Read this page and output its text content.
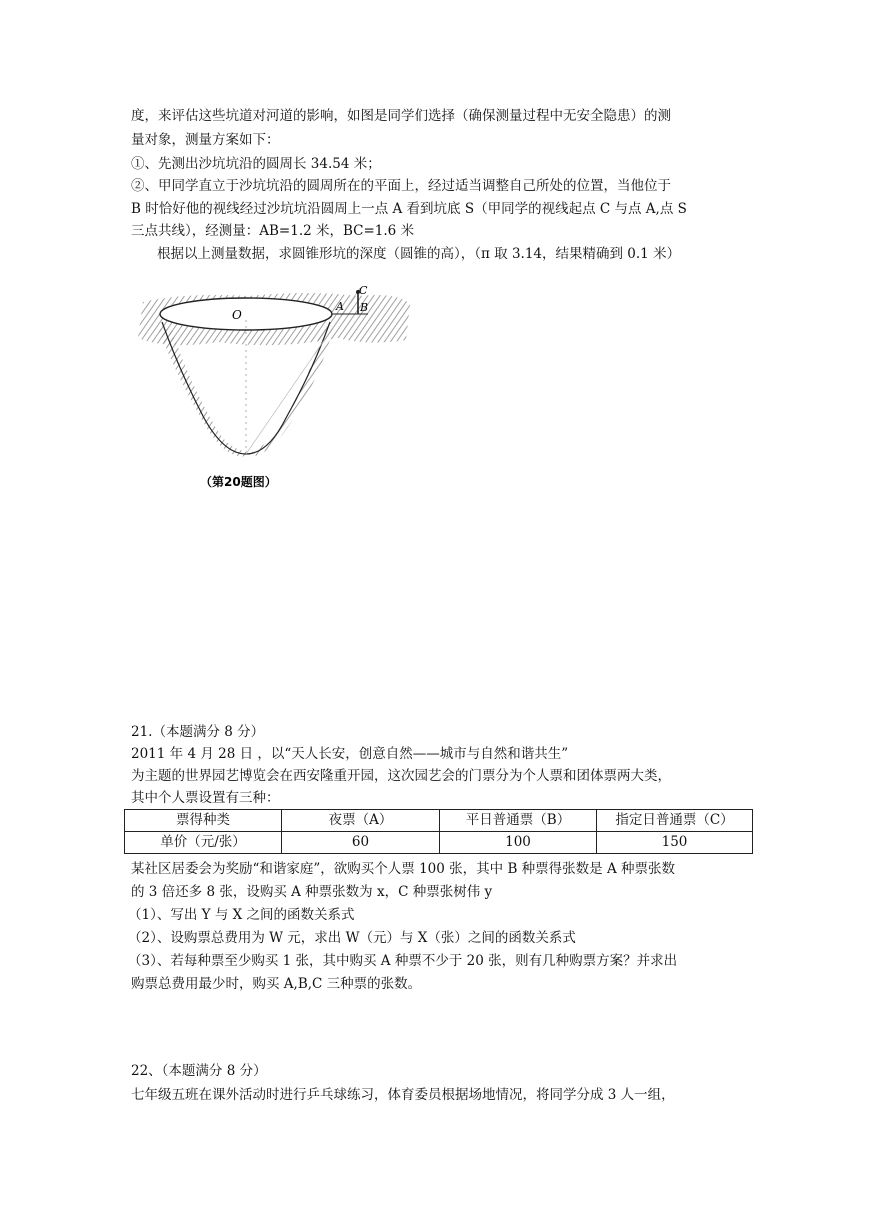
度，来评估这些坑道对河道的影响，如图是同学们选择（确保测量过程中无安全隐患）的测
量对象，测量方案如下：
①、先测出沙坑坑沿的圆周长 34.54 米；
②、甲同学直立于沙坑坑沿的圆周所在的平面上，经过适当调整自己所处的位置，当他位于
B 时恰好他的视线经过沙坑坑沿圆周上一点 A 看到坑底 S（甲同学的视线起点 C 与点 A,点 S
三点共线），经测量：AB=1.2 米，BC=1.6 米
根据以上测量数据，求圆锥形坑的深度（圆锥的高），（π 取 3.14，结果精确到 0.1 米）
C
A B
O
（第20题图）
21.（本题满分 8 分）
2011 年 4 月 28 日 ，以“天人长安，创意自然——城市与自然和谐共生”
为主题的世界园艺博览会在西安隆重开园，这次园艺会的门票分为个人票和团体票两大类，
其中个人票设置有三种：
票得种类	夜票（A）	平日普通票（B）	指定日普通票（C）
单价（元/张）	60	100	150
某社区居委会为奖励“和谐家庭”，欲购买个人票 100 张，其中 B 种票得张数是 A 种票张数
的 3 倍还多 8 张，设购买 A 种票张数为 x，C 种票张树伟 y
（1）、写出 Y 与 X 之间的函数关系式
（2）、设购票总费用为 W 元，求出 W（元）与 X（张）之间的函数关系式
（3）、若每种票至少购买 1 张，其中购买 A 种票不少于 20 张，则有几种购票方案？并求出
购票总费用最少时，购买 A,B,C 三种票的张数。
22、（本题满分 8 分）
七年级五班在课外活动时进行乒乓球练习，体育委员根据场地情况，将同学分成 3 人一组，
